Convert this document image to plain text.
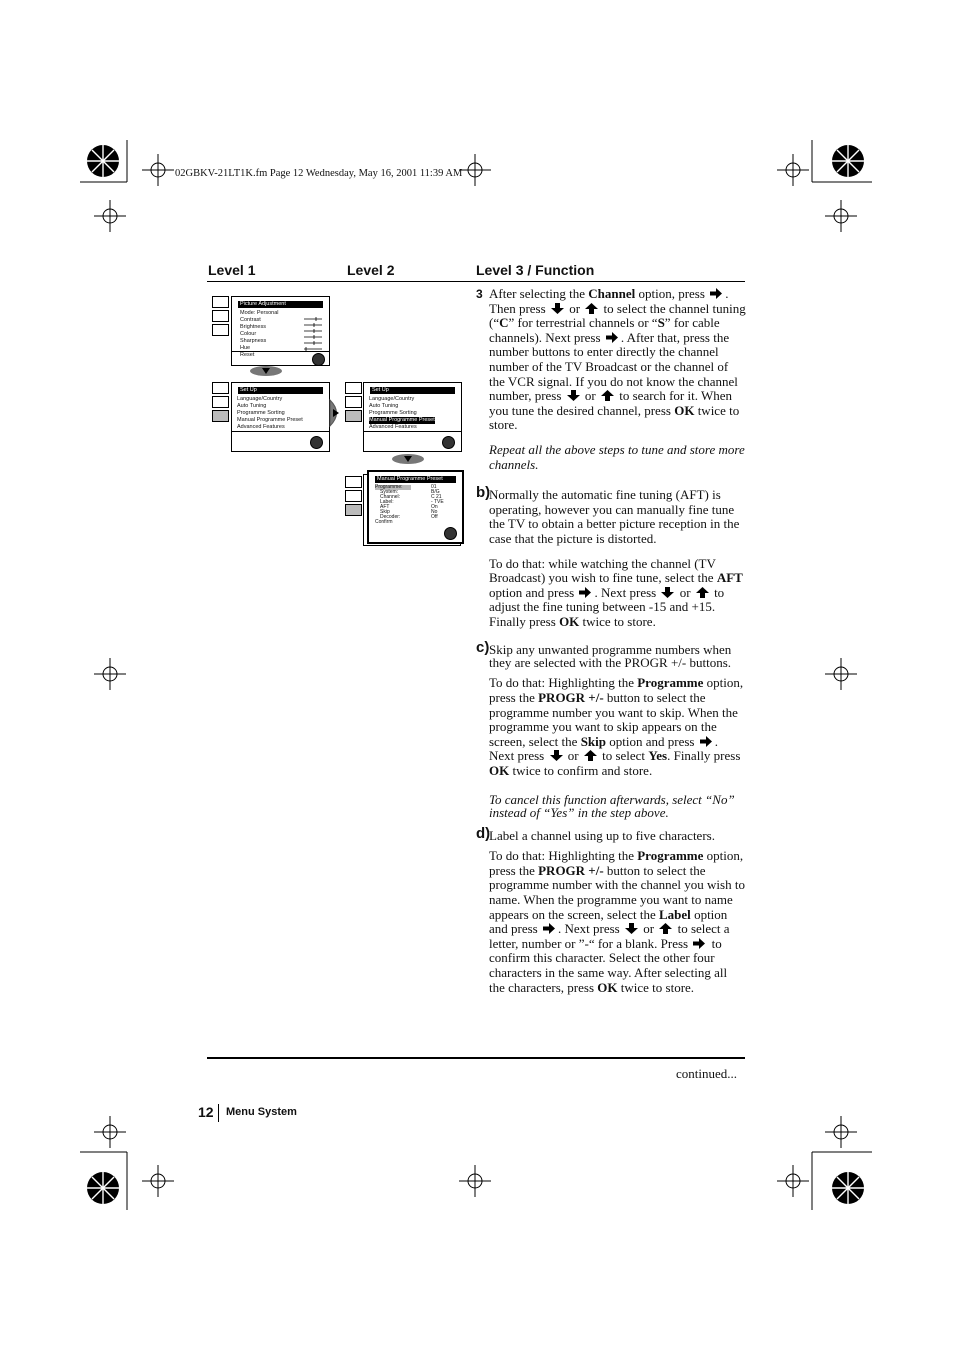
02GBKV-21LT1K.fm Page 12 Wednesday, May 16, 2001 11:39 AM
Level 1	Level 2	Level 3 / Function
Picture Adjustment
Mode: Personal
Contrast
Brightness
Colour
Sharpness
Hue
Reset
Set Up
Language/Country
Auto Tuning
Programme Sorting
Manual Programme Preset
Advanced Features
Set Up
Language/Country
Auto Tuning
Programme Sorting
Manual Programme Preset
Advanced Features
Manual Programme Preset
Programme:
System:
Channel:
Label:
AFT
Skip
Decoder:
Confirm
01
B/G
C 21
- TVE
On
No
Off

3 After selecting the Channel option, press . Then press or to select the channel tuning (“C” for terrestrial channels or “S” for cable channels). Next press . After that, press the number buttons to enter directly the channel number of the TV Broadcast or the channel of the VCR signal. If you do not know the channel number, press or to search for it. When you tune the desired channel, press OK twice to store.

Repeat all the above steps to tune and store more channels.

b)
Normally the automatic fine tuning (AFT) is operating, however you can manually fine tune the TV to obtain a better picture reception in the case that the picture is distorted.

To do that: while watching the channel (TV Broadcast) you wish to fine tune, select the AFT option and press . Next press or to adjust the fine tuning between -15 and +15. Finally press OK twice to store.

c) Skip any unwanted programme numbers when they are selected with the PROGR +/- buttons.

To do that: Highlighting the Programme option, press the PROGR +/- button to select the programme number you want to skip. When the programme you want to skip appears on the screen, select the Skip option and press . Next press or to select Yes. Finally press OK twice to confirm and store.

To cancel this function afterwards, select “No” instead of “Yes” in the step above.

d)
Label a channel using up to five characters.

To do that: Highlighting the Programme option, press the PROGR +/- button to select the programme number with the channel you wish to name. When the programme you want to name appears on the screen, select the Label option and press . Next press or to select a letter, number or ”-“ for a blank. Press to confirm this character. Select the other four characters in the same way. After selecting all the characters, press OK twice to store.

continued...
12 Menu System
